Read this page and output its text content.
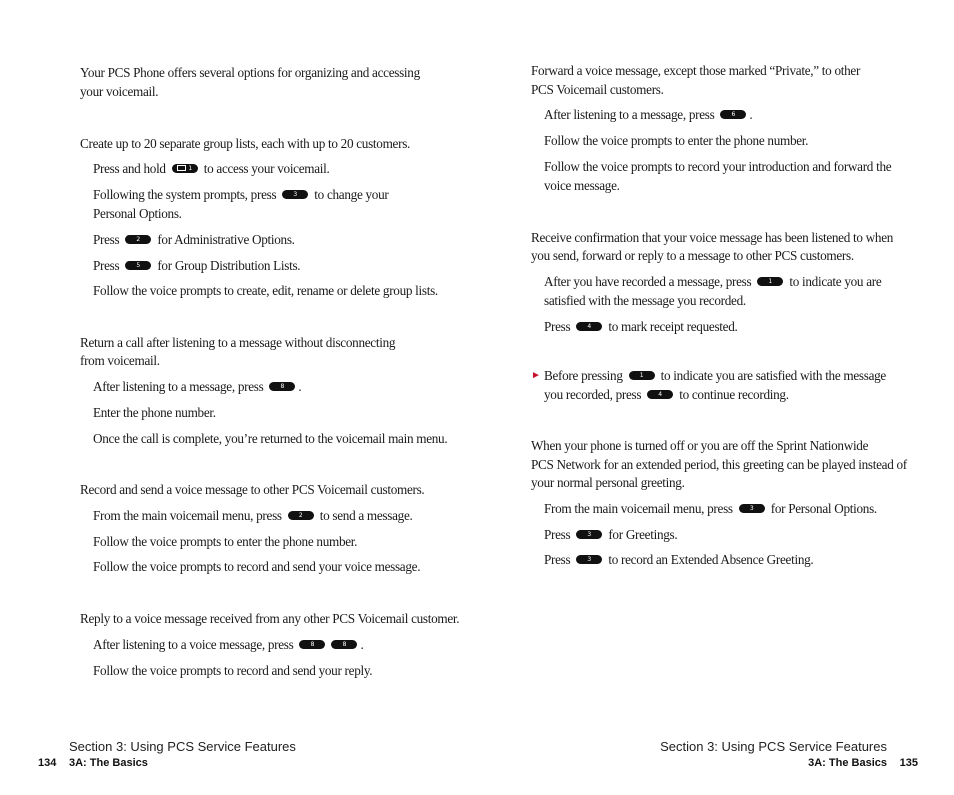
Your PCS Phone offers several options for organizing and accessing
your voicemail.
Create up to 20 separate group lists, each with up to 20 customers.
Press and hold	1 to access your voicemail.
Following the system prompts, press	3 to change your
Personal Options.
Press	2 for Administrative Options.
Press	5 for Group Distribution Lists.
Follow the voice prompts to create, edit, rename or delete group lists.
Return a call after listening to a message without disconnecting
from voicemail.
After listening to a message, press	8 .
Enter the phone number.
Once the call is complete, you’re returned to the voicemail main menu.
Record and send a voice message to other PCS Voicemail customers.
From the main voicemail menu, press	2 to send a message.
Follow the voice prompts to enter the phone number.
Follow the voice prompts to record and send your voice message.
Reply to a voice message received from any other PCS Voicemail customer.
After listening to a voice message, press	8	8 .
Follow the voice prompts to record and send your reply.
Section 3: Using PCS Service Features
134 3A: The Basics
Forward a voice message, except those marked “Private,” to other
PCS Voicemail customers.
After listening to a message, press	6 .
Follow the voice prompts to enter the phone number.
Follow the voice prompts to record your introduction and forward the
voice message.
Receive confirmation that your voice message has been listened to when
you send, forward or reply to a message to other PCS customers.
After you have recorded a message, press	1 to indicate you are
satisfied with the message you recorded.
Press	4 to mark receipt requested.
► Before pressing	1 to indicate you are satisfied with the message
you recorded, press	4 to continue recording.
When your phone is turned off or you are off the Sprint Nationwide
PCS Network for an extended period, this greeting can be played instead of
your normal personal greeting.
From the main voicemail menu, press	3 for Personal Options.
Press	3 for Greetings.
Press	3 to record an Extended Absence Greeting.
Section 3: Using PCS Service Features
3A: The Basics 135
